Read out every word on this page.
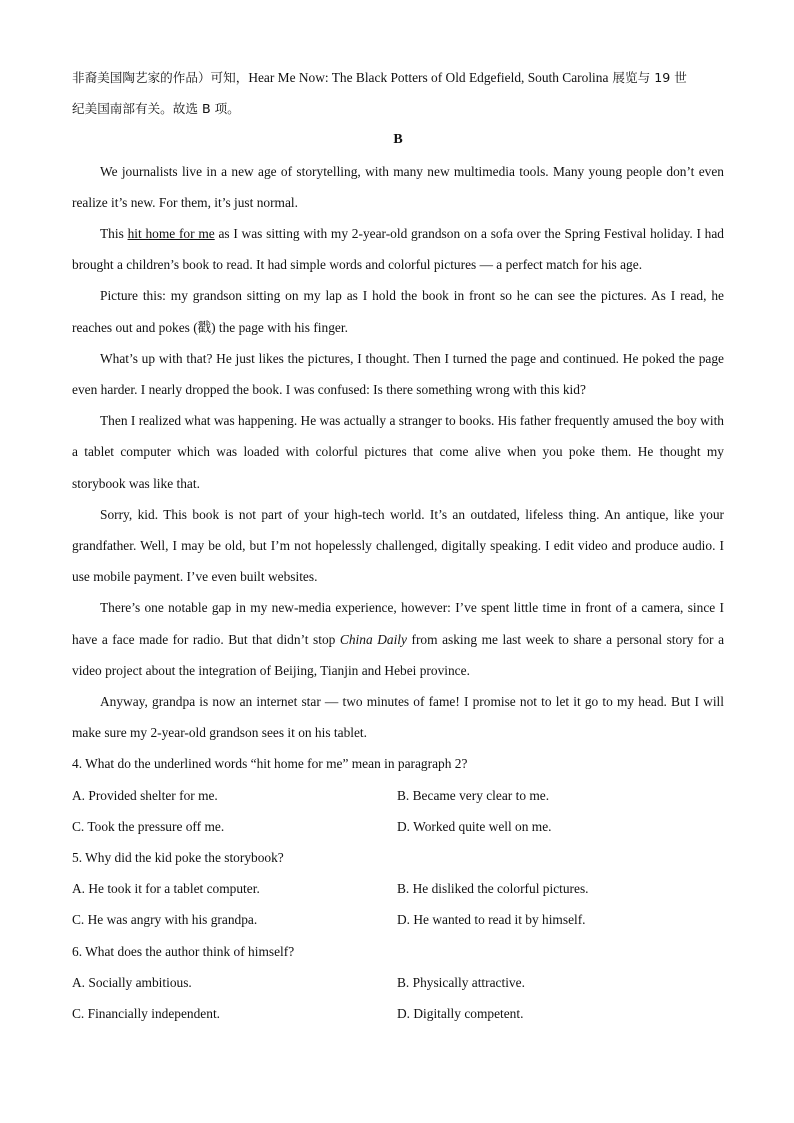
非裔美国陶艺家的作品）可知，Hear Me Now: The Black Potters of Old Edgefield, South Carolina 展览与 19 世

纪美国南部有关。故选 B 项。

B

We journalists live in a new age of storytelling, with many new multimedia tools. Many young people don’t even realize it’s new. For them, it’s just normal.

This hit home for me as I was sitting with my 2-year-old grandson on a sofa over the Spring Festival holiday. I had brought a children’s book to read. It had simple words and colorful pictures — a perfect match for his age.

Picture this: my grandson sitting on my lap as I hold the book in front so he can see the pictures. As I read, he reaches out and pokes (戳) the page with his finger.

What’s up with that? He just likes the pictures, I thought. Then I turned the page and continued. He poked the page even harder. I nearly dropped the book. I was confused: Is there something wrong with this kid?

Then I realized what was happening. He was actually a stranger to books. His father frequently amused the boy with a tablet computer which was loaded with colorful pictures that come alive when you poke them. He thought my storybook was like that.

Sorry, kid. This book is not part of your high-tech world. It’s an outdated, lifeless thing. An antique, like your grandfather. Well, I may be old, but I’m not hopelessly challenged, digitally speaking. I edit video and produce audio. I use mobile payment. I’ve even built websites.

There’s one notable gap in my new-media experience, however: I’ve spent little time in front of a camera, since I have a face made for radio. But that didn’t stop China Daily from asking me last week to share a personal story for a video project about the integration of Beijing, Tianjin and Hebei province.

Anyway, grandpa is now an internet star — two minutes of fame! I promise not to let it go to my head. But I will make sure my 2-year-old grandson sees it on his tablet.

4. What do the underlined words “hit home for me” mean in paragraph 2?

A. Provided shelter for me.	B. Became very clear to me.
C. Took the pressure off me.	D. Worked quite well on me.

5. Why did the kid poke the storybook?

A. He took it for a tablet computer.	B. He disliked the colorful pictures.
C. He was angry with his grandpa.	D. He wanted to read it by himself.

6. What does the author think of himself?

A. Socially ambitious.	B. Physically attractive.
C. Financially independent.	D. Digitally competent.
